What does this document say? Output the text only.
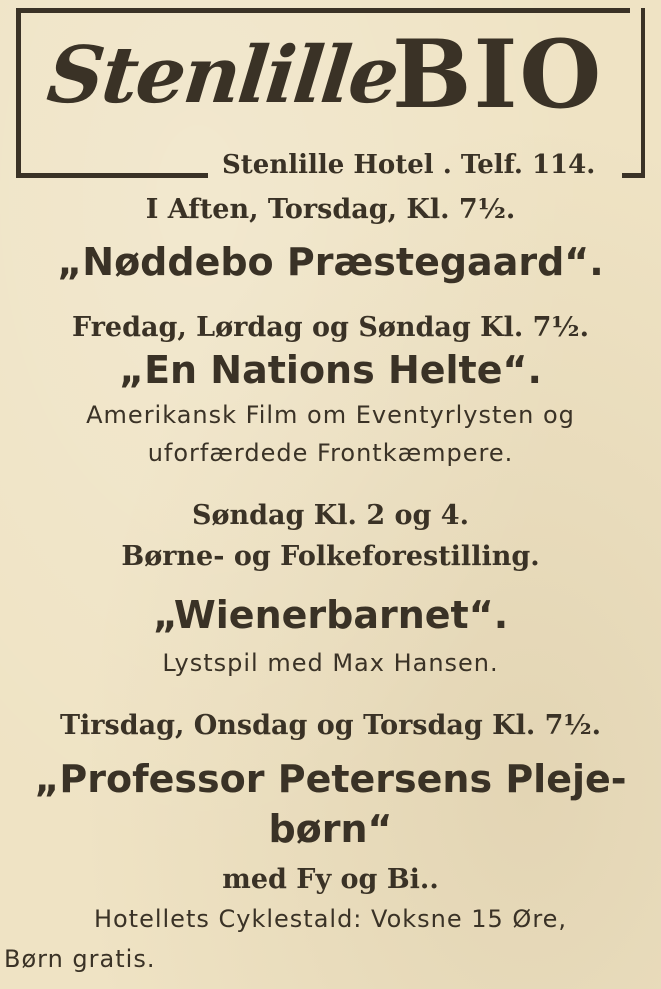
Stenlille
BIO
Stenlille Hotel . Telf. 114.
I Aften, Torsdag, Kl. 7½.
„Nøddebo Præstegaard“.
Fredag, Lørdag og Søndag Kl. 7½.
„En Nations Helte“.
Amerikansk Film om Eventyrlysten og
uforfærdede Frontkæmpere.
Søndag Kl. 2 og 4.
Børne- og Folkeforestilling.
„Wienerbarnet“.
Lystspil med Max Hansen.
Tirsdag, Onsdag og Torsdag Kl. 7½.
„Professor Petersens Pleje-
børn“
med Fy og Bi..
Hotellets Cyklestald: Voksne 15 Øre,
Børn gratis.
